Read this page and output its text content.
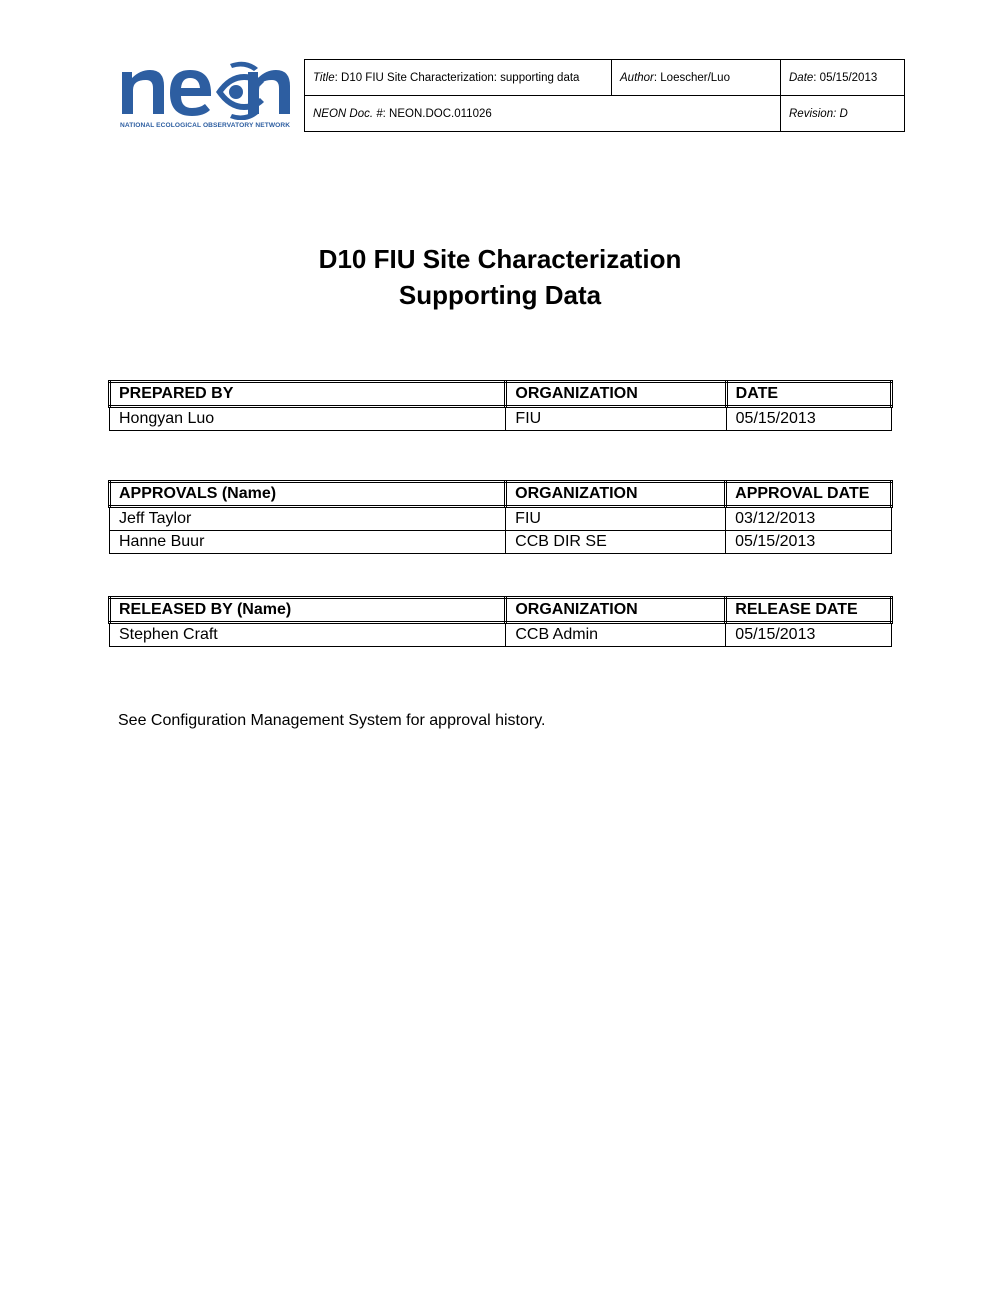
NATIONAL ECOLOGICAL OBSERVATORY NETWORK
Title: D10 FIU Site Characterization: supporting data	Author: Loescher/Luo	Date: 05/15/2013
NEON Doc. #: NEON.DOC.011026		Revision: D
D10 FIU Site Characterization
Supporting Data
PREPARED BY	ORGANIZATION	DATE
Hongyan Luo	FIU	05/15/2013
APPROVALS (Name)	ORGANIZATION	APPROVAL DATE
Jeff Taylor	FIU	03/12/2013
Hanne Buur	CCB DIR SE	05/15/2013
RELEASED BY (Name)	ORGANIZATION	RELEASE DATE
Stephen Craft	CCB Admin	05/15/2013
See Configuration Management System for approval history.
